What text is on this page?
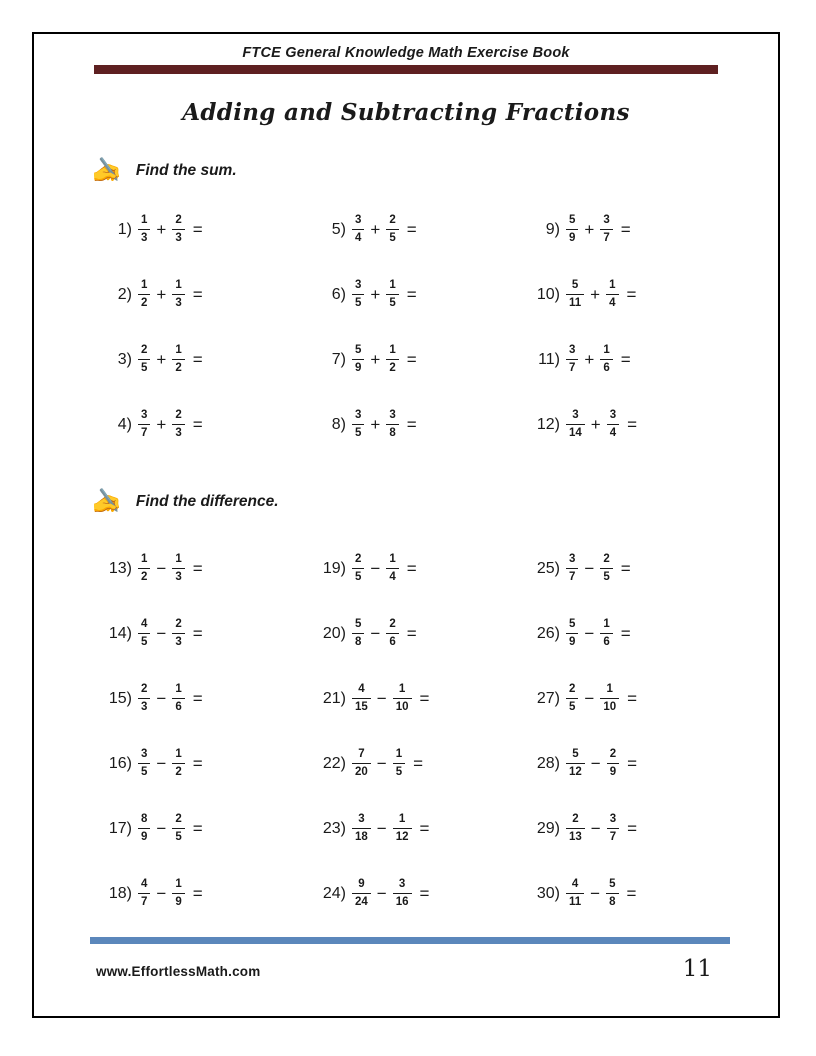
FTCE General Knowledge Math Exercise Book
Adding and Subtracting Fractions
✍ Find the sum.
$1) \frac{1}{3} + \frac{2}{3}$ =
$2) \frac{1}{2} + \frac{1}{3}$ =
$3) \frac{2}{5} + \frac{1}{2}$ =
$4) \frac{3}{7} + \frac{2}{3}$ =
$5) \frac{3}{4} + \frac{2}{5}$ =
$6) \frac{3}{5} + \frac{1}{5}$ =
$7) \frac{5}{9} + \frac{1}{2}$ =
$8) \frac{3}{5} + \frac{3}{8}$ =
$9) \frac{5}{9} + \frac{3}{7}$ =
$10) \frac{5}{11} + \frac{1}{4}$ =
$11) \frac{3}{7} + \frac{1}{6}$ =
$12) \frac{3}{14} + \frac{3}{4}$ =
✍ Find the difference.
$13) \frac{1}{2} - \frac{1}{3}$ =
$14) \frac{4}{5} - \frac{2}{3}$ =
$15) \frac{2}{3} - \frac{1}{6}$ =
$16) \frac{3}{5} - \frac{1}{2}$ =
$17) \frac{8}{9} - \frac{2}{5}$ =
$18) \frac{4}{7} - \frac{1}{9}$ =
$19) \frac{2}{5} - \frac{1}{4}$ =
$20) \frac{5}{8} - \frac{2}{6}$ =
$21) \frac{4}{15} - \frac{1}{10}$ =
$22) \frac{7}{20} - \frac{1}{5}$ =
$23) \frac{3}{18} - \frac{1}{12}$ =
$24) \frac{9}{24} - \frac{3}{16}$ =
$25) \frac{3}{7} - \frac{2}{5}$ =
$26) \frac{5}{9} - \frac{1}{6}$ =
$27) \frac{2}{5} - \frac{1}{10}$ =
$28) \frac{5}{12} - \frac{2}{9}$ =
$29) \frac{2}{13} - \frac{3}{7}$ =
$30) \frac{4}{11} - \frac{5}{8}$ =
www.EffortlessMath.com	11
